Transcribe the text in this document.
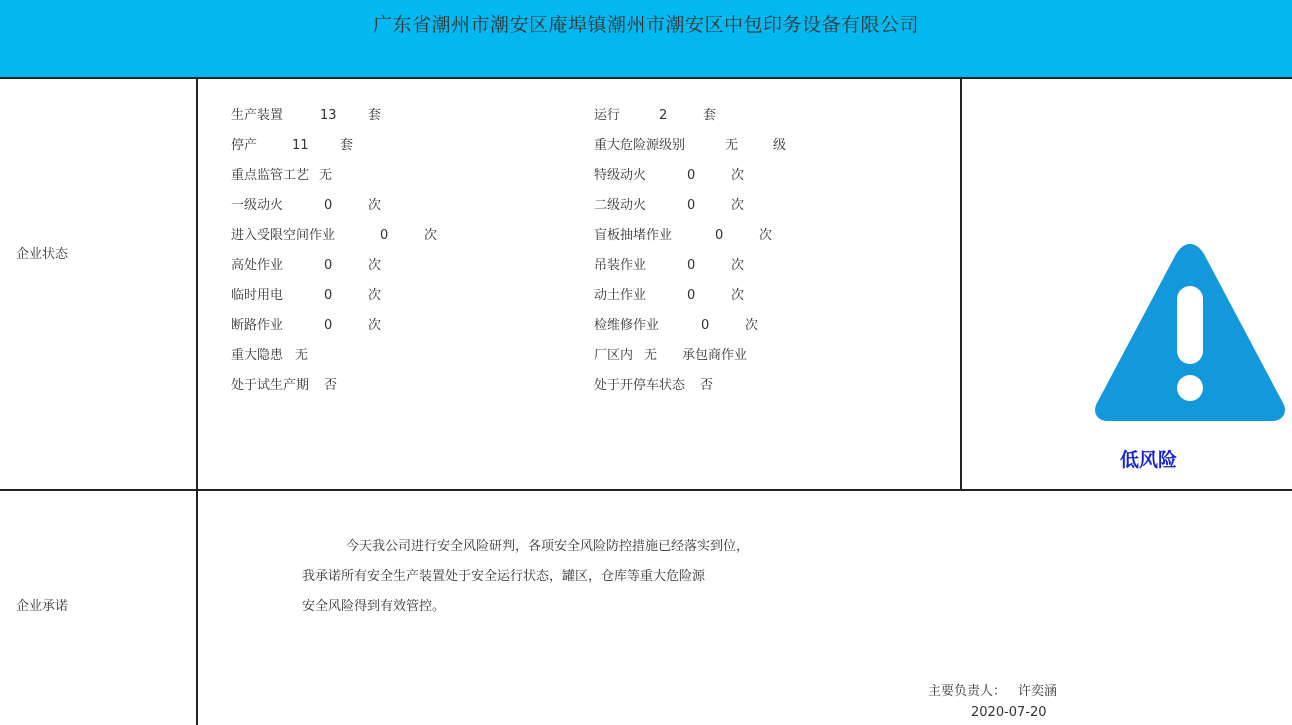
广东省潮州市潮安区庵埠镇潮州市潮安区中包印务设备有限公司
企业状态
企业承诺
生产装置	13 套
停产	11 套
重点监管工艺 无
一级动火	0	次
进入受限空间作业	0	次
高处作业	0	次
临时用电	0	次
断路作业	0	次
重大隐患 无
处于试生产期 否
运行	2	套
重大危险源级别	无	级
特级动火	0	次
二级动火	0	次
盲板抽堵作业	0	次
吊装作业	0	次
动土作业	0	次
检维修作业	0	次
厂区内 无 承包商作业
处于开停车状态 否
低风险
今天我公司进行安全风险研判，各项安全风险防控措施已经落实到位，
我承诺所有安全生产装置处于安全运行状态，罐区，仓库等重大危险源
安全风险得到有效管控。
主要负责人： 许奕涵
2020-07-20
